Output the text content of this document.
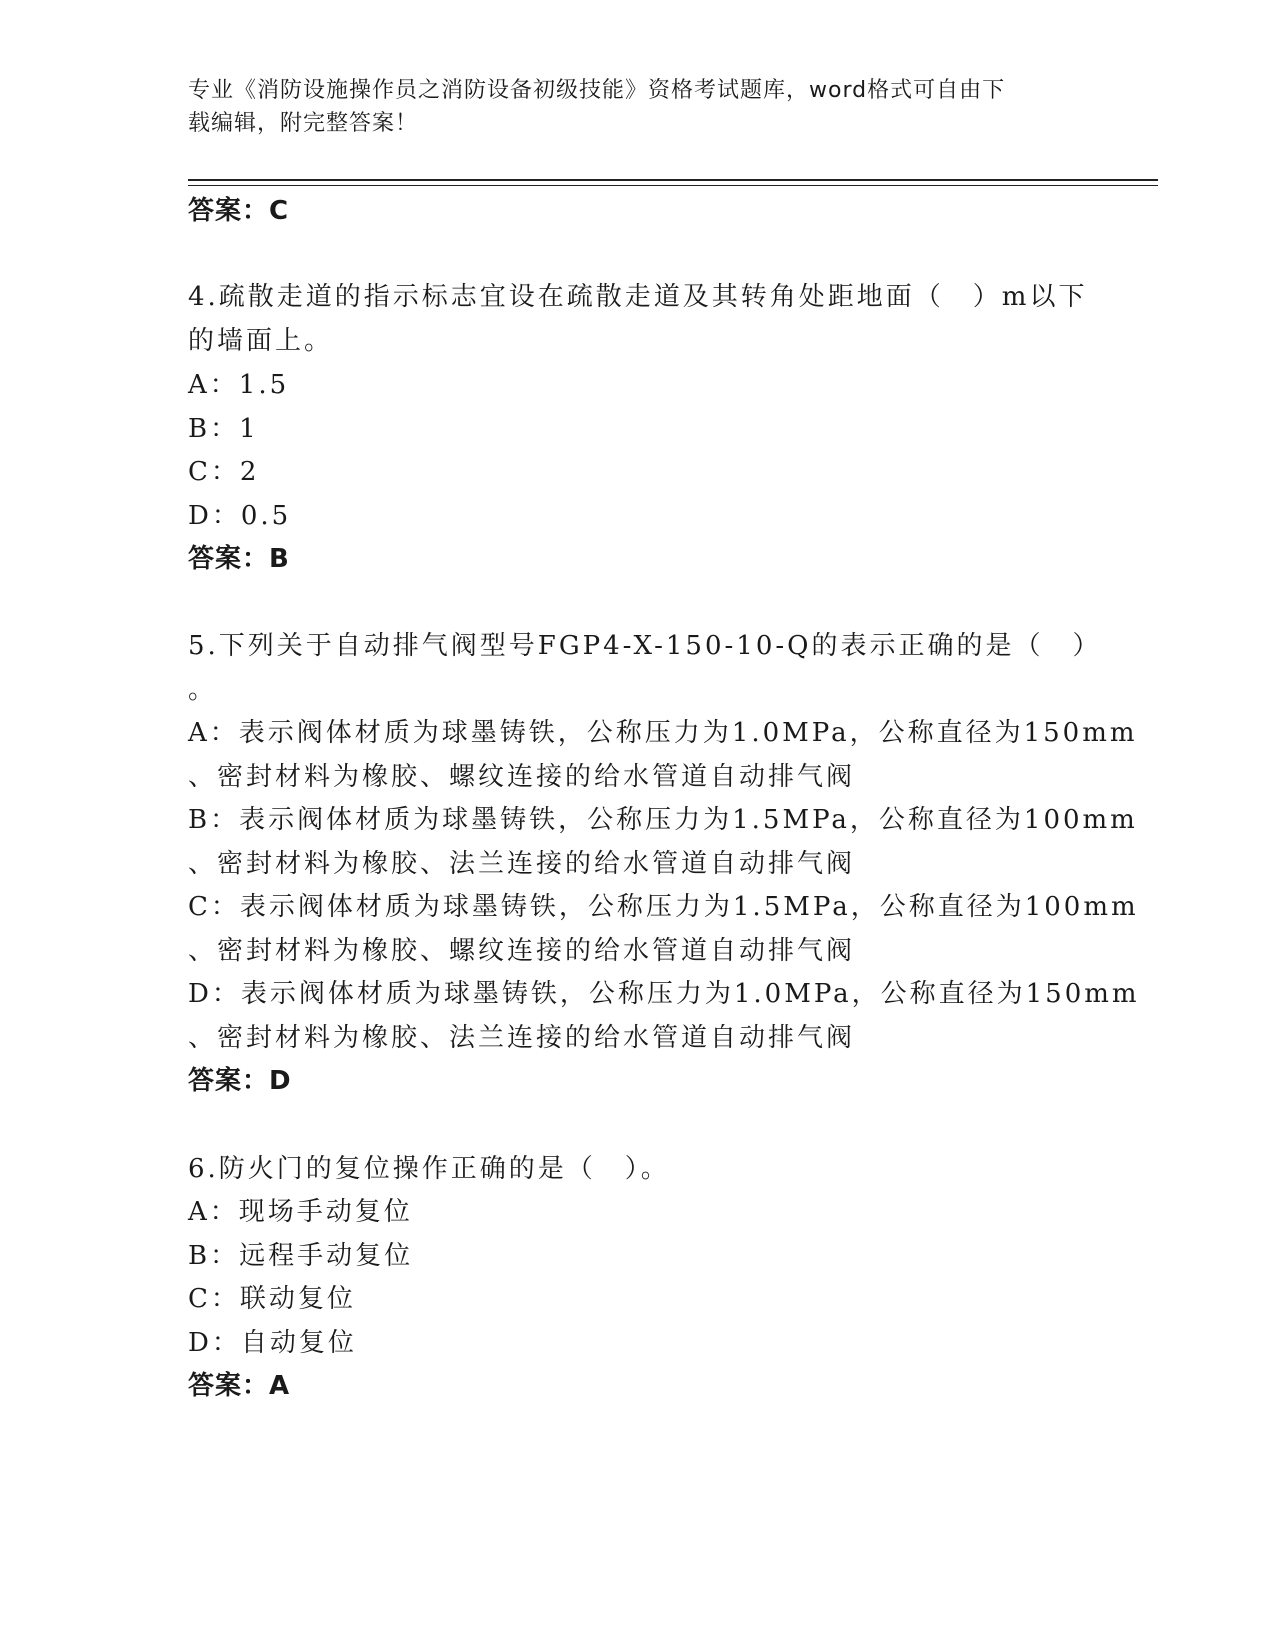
专业《消防设施操作员之消防设备初级技能》资格考试题库，word格式可自由下
载编辑，附完整答案！
答案：C
4.疏散走道的指示标志宜设在疏散走道及其转角处距地面（　）m以下
的墙面上。
A：1.5
B：1
C：2
D：0.5
答案：B
5.下列关于自动排气阀型号FGP4-X-150-10-Q的表示正确的是（　）
。
A：表示阀体材质为球墨铸铁，公称压力为1.0MPa，公称直径为150mm
、密封材料为橡胶、螺纹连接的给水管道自动排气阀
B：表示阀体材质为球墨铸铁，公称压力为1.5MPa，公称直径为100mm
、密封材料为橡胶、法兰连接的给水管道自动排气阀
C：表示阀体材质为球墨铸铁，公称压力为1.5MPa，公称直径为100mm
、密封材料为橡胶、螺纹连接的给水管道自动排气阀
D：表示阀体材质为球墨铸铁，公称压力为1.0MPa，公称直径为150mm
、密封材料为橡胶、法兰连接的给水管道自动排气阀
答案：D
6.防火门的复位操作正确的是（　）。
A：现场手动复位
B：远程手动复位
C：联动复位
D：自动复位
答案：A
